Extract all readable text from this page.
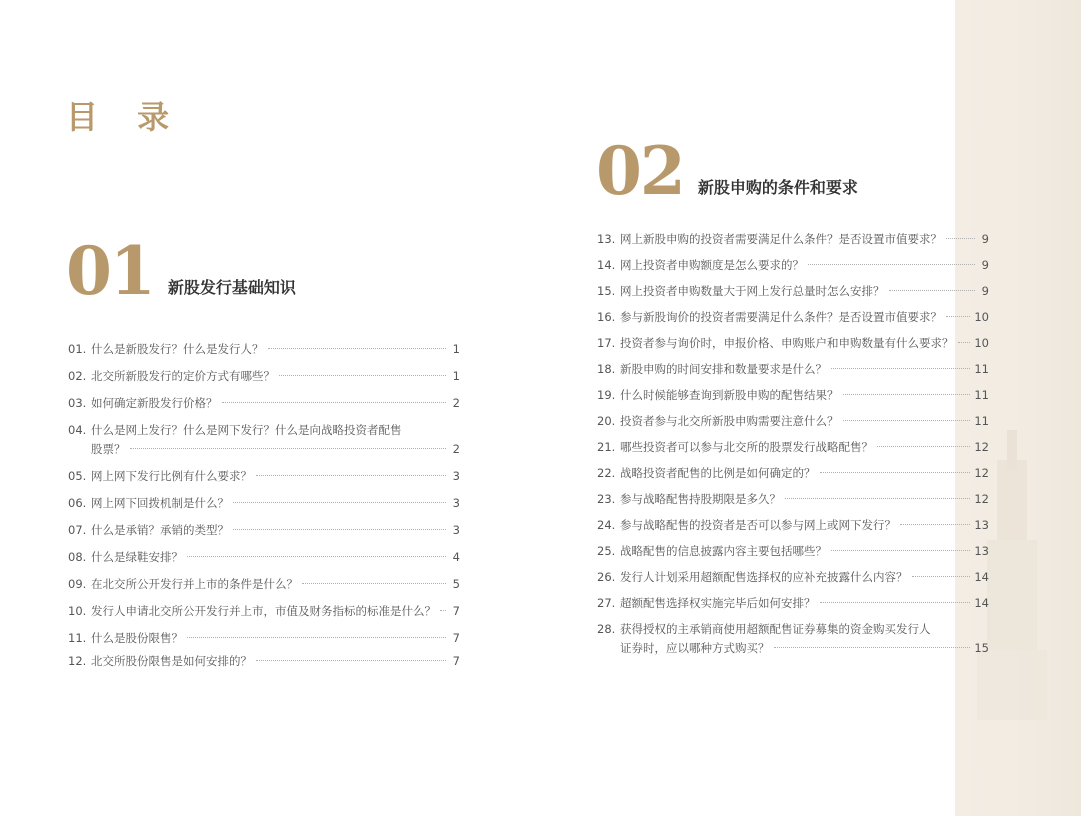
目 录
01 新股发行基础知识
01. 什么是新股发行？什么是发行人？	1
02. 北交所新股发行的定价方式有哪些？	1
03. 如何确定新股发行价格？	2
04. 什么是网上发行？什么是网下发行？什么是向战略投资者配售
股票？	2
05. 网上网下发行比例有什么要求？	3
06. 网上网下回拨机制是什么？	3
07. 什么是承销？承销的类型？	3
08. 什么是绿鞋安排？	4
09. 在北交所公开发行并上市的条件是什么？	5
10. 发行人申请北交所公开发行并上市，市值及财务指标的标准是什么？ 7
11. 什么是股份限售？	7
12. 北交所股份限售是如何安排的？	7
02 新股申购的条件和要求
13. 网上新股申购的投资者需要满足什么条件？是否设置市值要求？	9
14. 网上投资者申购额度是怎么要求的？	9
15. 网上投资者申购数量大于网上发行总量时怎么安排？	9
16. 参与新股询价的投资者需要满足什么条件？是否设置市值要求？	10
17. 投资者参与询价时，申报价格、申购账户和申购数量有什么要求？ 10
18. 新股申购的时间安排和数量要求是什么？	11
19. 什么时候能够查询到新股申购的配售结果？	11
20. 投资者参与北交所新股申购需要注意什么？	11
21. 哪些投资者可以参与北交所的股票发行战略配售？	12
22. 战略投资者配售的比例是如何确定的？	12
23. 参与战略配售持股期限是多久？	12
24. 参与战略配售的投资者是否可以参与网上或网下发行？	13
25. 战略配售的信息披露内容主要包括哪些？	13
26. 发行人计划采用超额配售选择权的应补充披露什么内容？	14
27. 超额配售选择权实施完毕后如何安排？	14
28. 获得授权的主承销商使用超额配售证券募集的资金购买发行人
证券时，应以哪种方式购买？	15
